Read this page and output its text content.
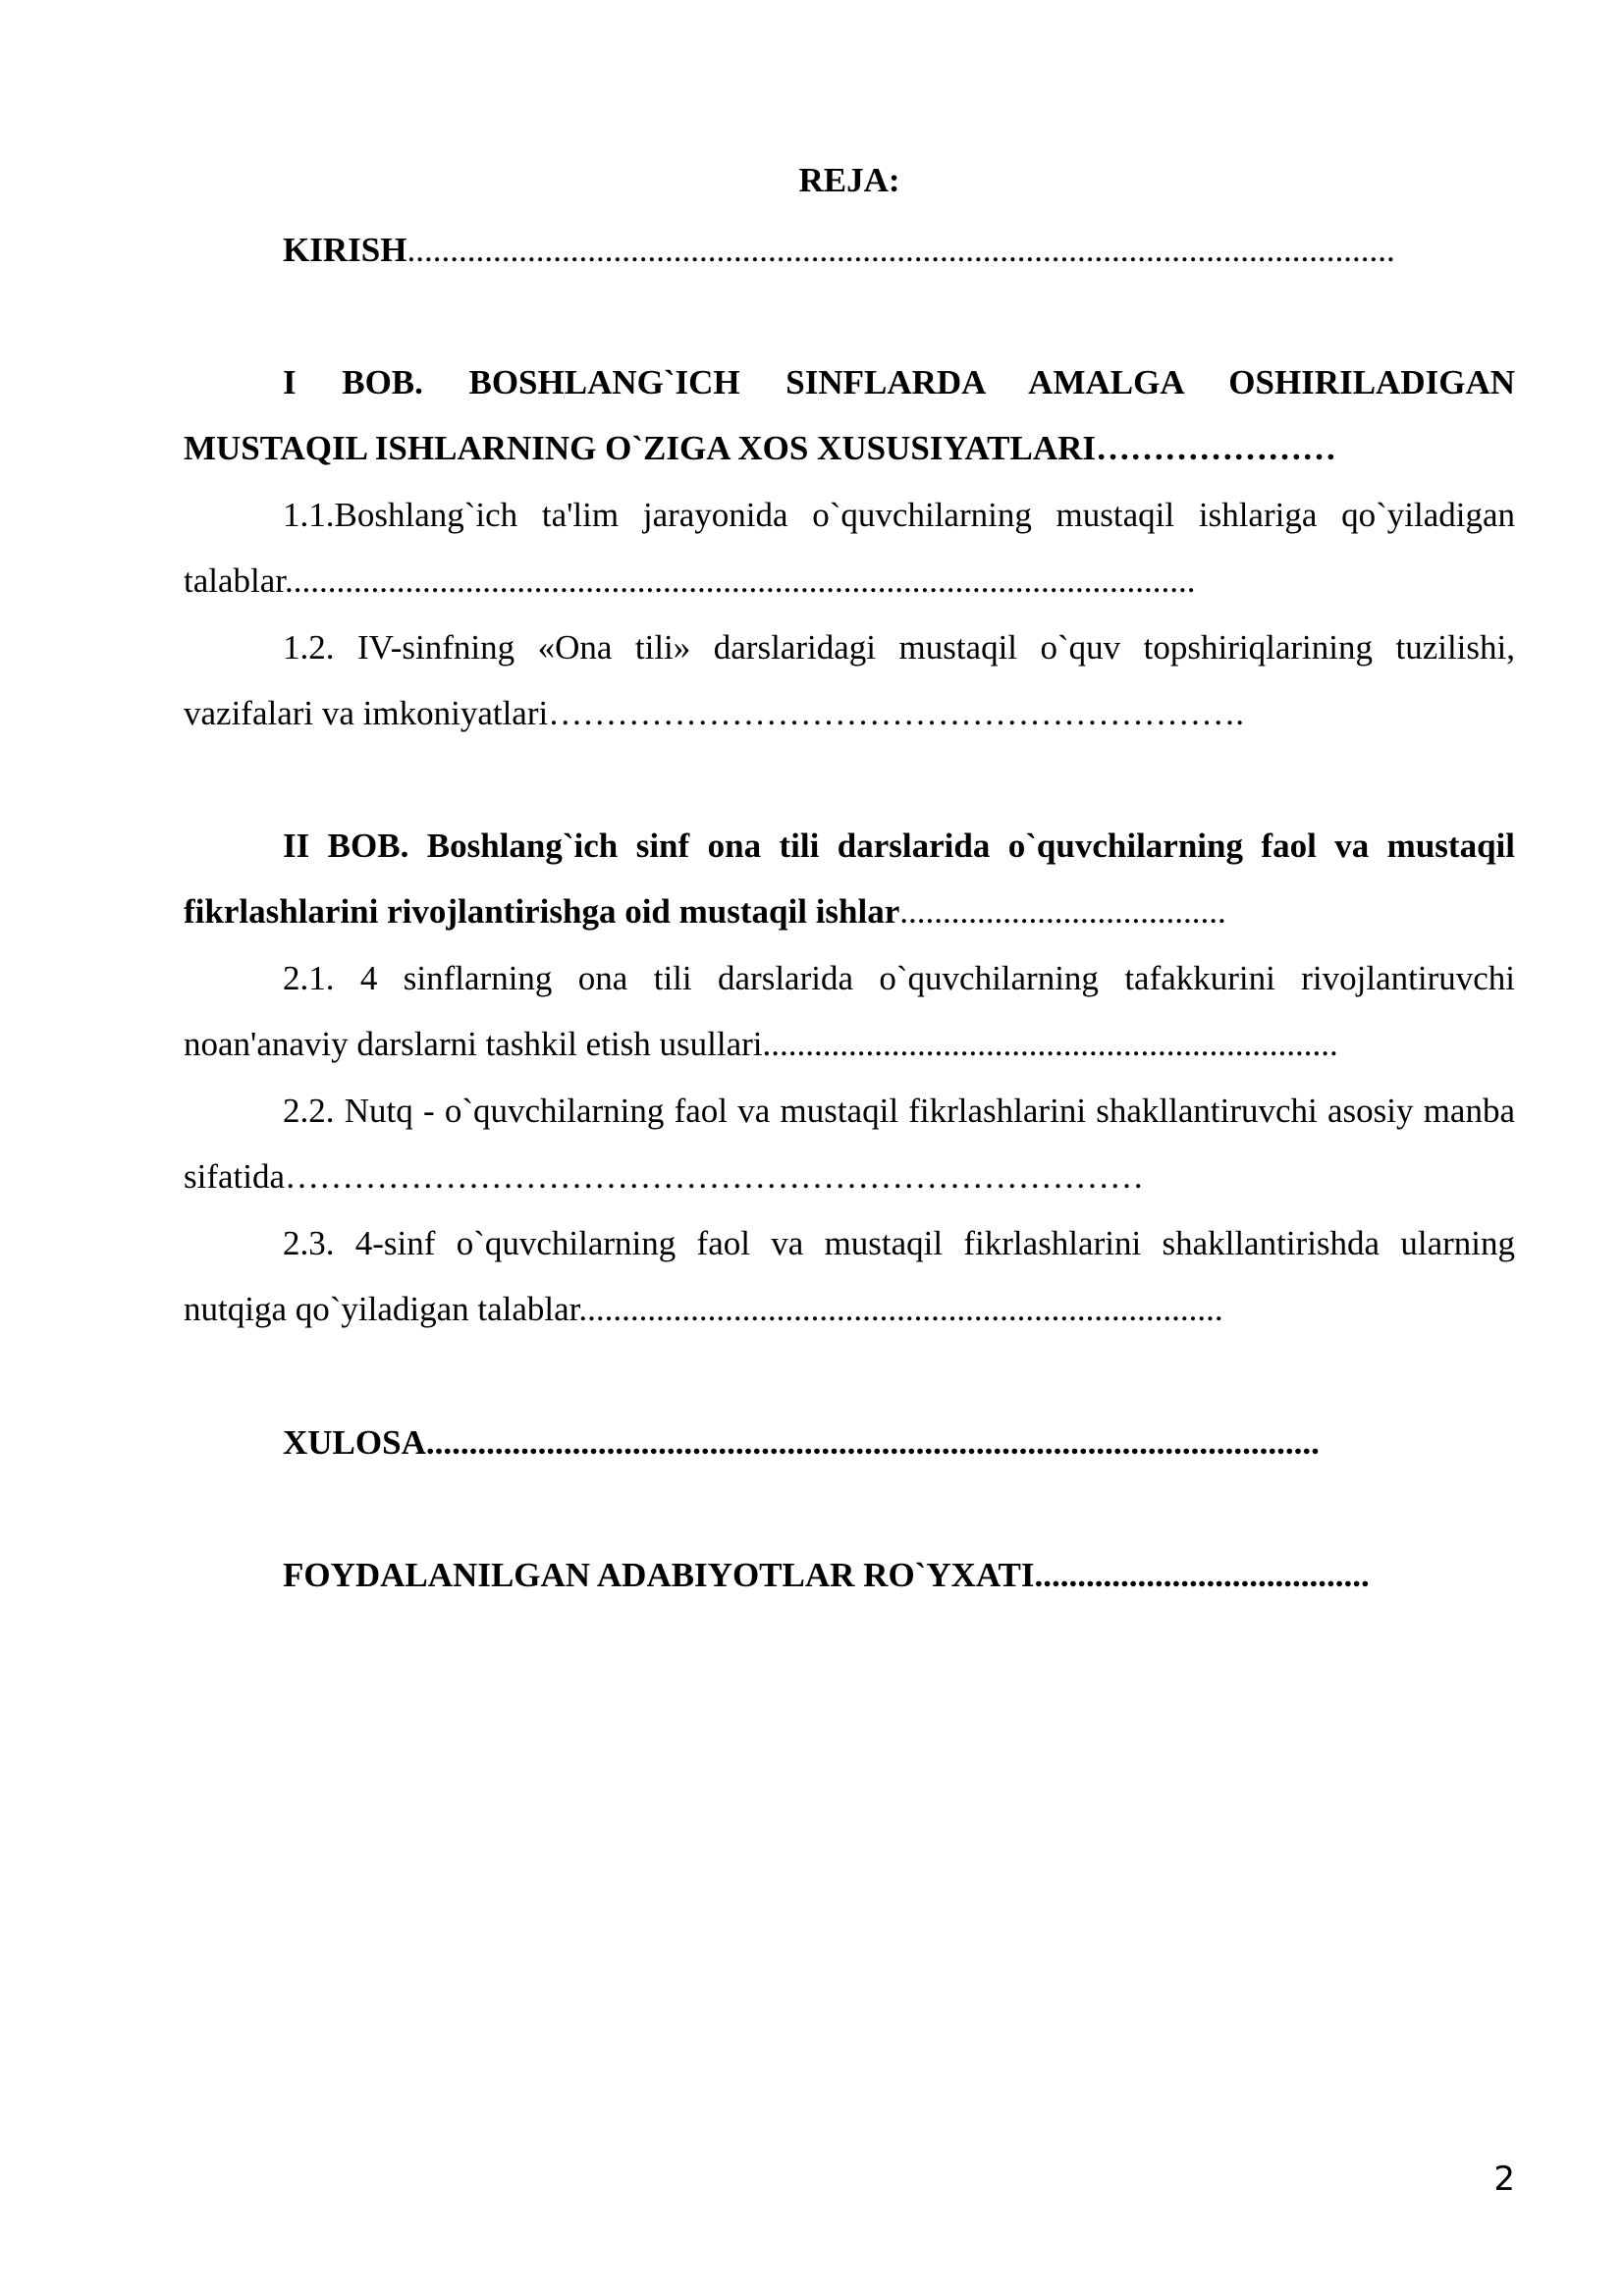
REJA:

KIRISH...................................................................................................................

I BOB. BOSHLANG`ICH SINFLARDA AMALGA OSHIRILADIGAN MUSTAQIL ISHLARNING O`ZIGA XOS XUSUSIYATLARI…………………

1.1.Boshlang`ich ta'lim jarayonida o`quvchilarning mustaqil ishlariga qo`yiladigan talablar..........................................................................................................

1.2. IV-sinfning «Ona tili» darslaridagi mustaqil o`quv topshiriqlarining tuzilishi, vazifalari va imkoniyatlari…………………………………………………….

II BOB. Boshlang`ich sinf ona tili darslarida o`quvchilarning faol va mustaqil fikrlashlarini rivojlantirishga oid mustaqil ishlar......................................

2.1. 4 sinflarning ona tili darslarida o`quvchilarning tafakkurini rivojlantiruvchi noan'anaviy darslarni tashkil etish usullari...................................................................

2.2. Nutq - o`quvchilarning faol va mustaqil fikrlashlarini shakllantiruvchi asosiy manba sifatida…………………………………………………………………

2.3. 4-sinf o`quvchilarning faol va mustaqil fikrlashlarini shakllantirishda ularning nutqiga qo`yiladigan talablar...........................................................................

XULOSA........................................................................................................

FOYDALANILGAN ADABIYOTLAR RO`YXATI.......................................

2
